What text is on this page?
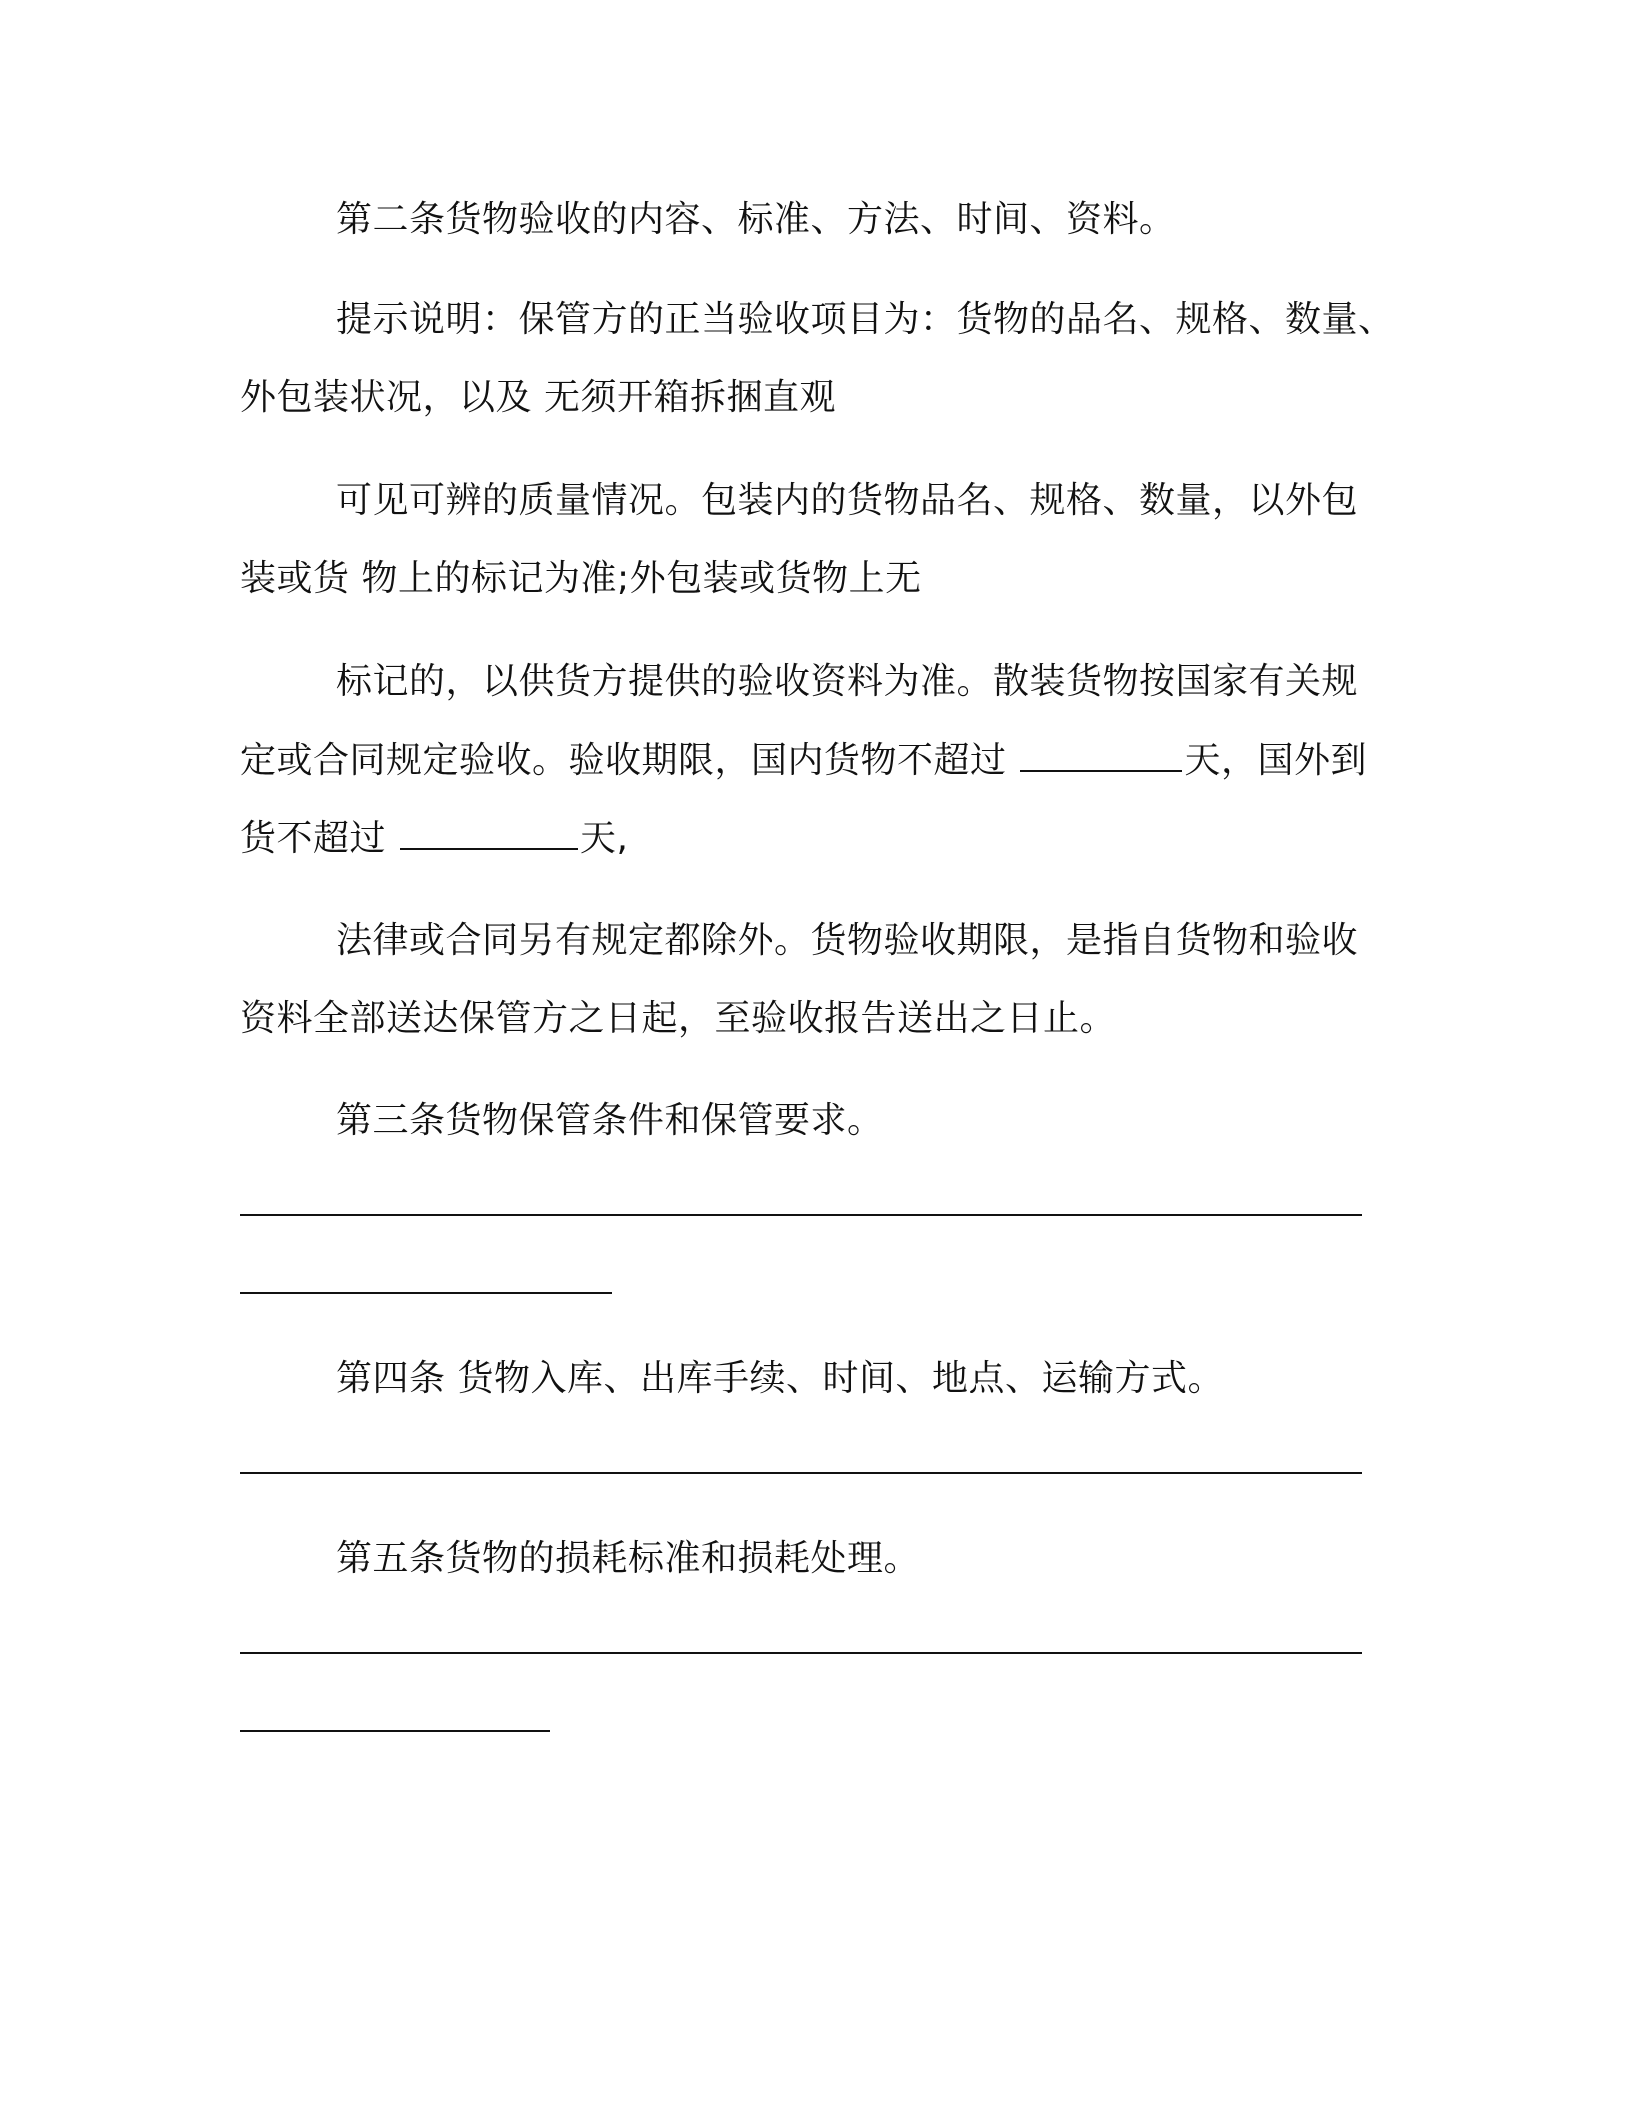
第二条货物验收的内容、标准、方法、时间、资料。
提示说明：保管方的正当验收项目为：货物的品名、规格、数量、
外包装状况，以及 无须开箱拆捆直观
可见可辨的质量情况。包装内的货物品名、规格、数量，以外包
装或货 物上的标记为准;外包装或货物上无
标记的，以供货方提供的验收资料为准。散装货物按国家有关规
定或合同规定验收。验收期限，国内货物不超过	天，国外到
货不超过	天,
法律或合同另有规定都除外。货物验收期限，是指自货物和验收
资料全部送达保管方之日起，至验收报告送出之日止。
第三条货物保管条件和保管要求。
第四条 货物入库、出库手续、时间、地点、运输方式。
第五条货物的损耗标准和损耗处理。
